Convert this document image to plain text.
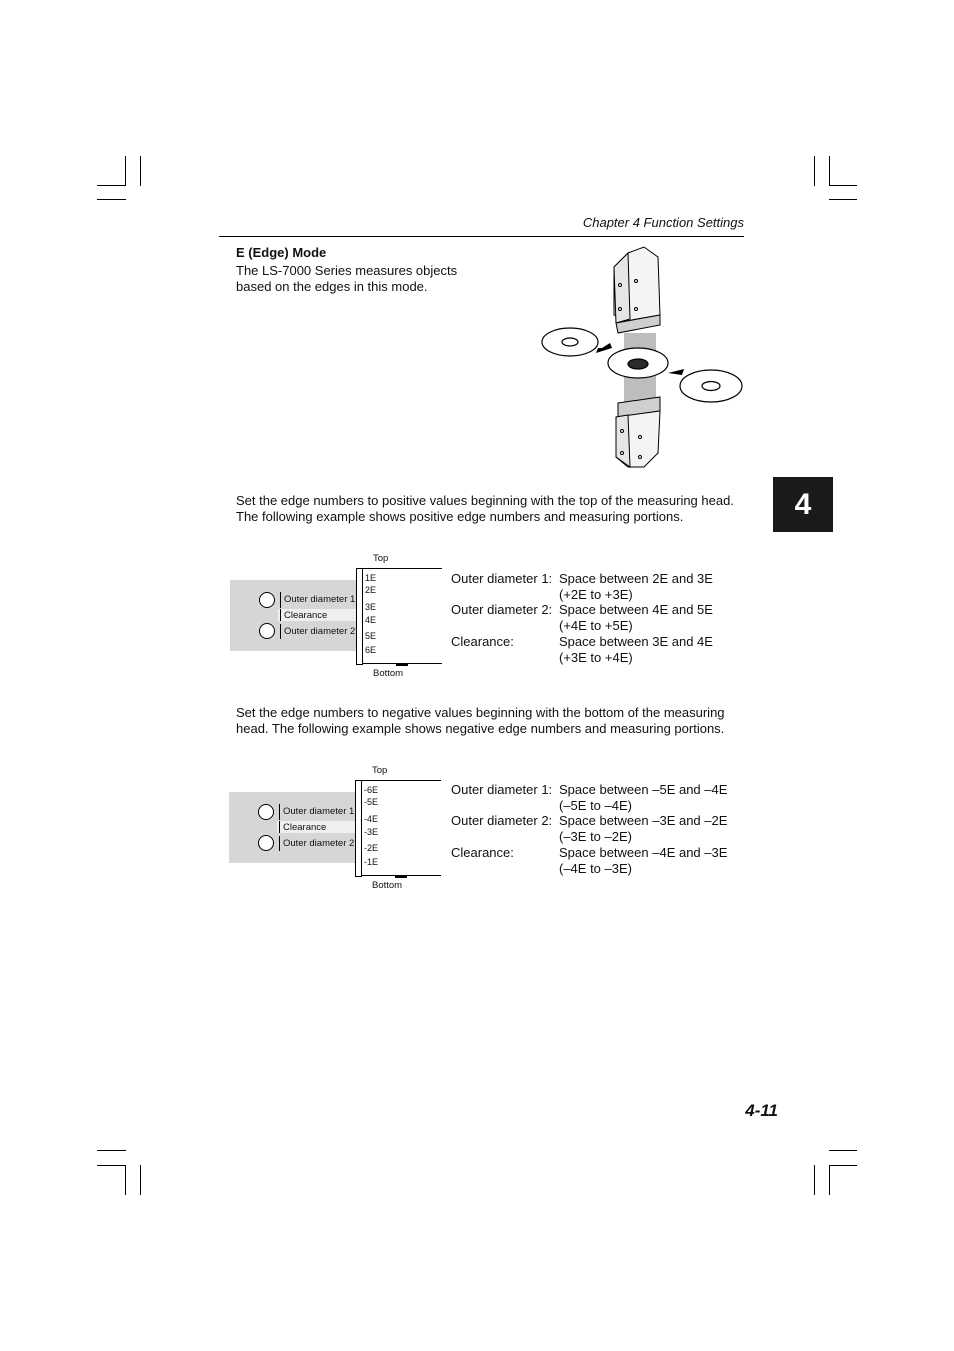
Chapter 4 Function Settings
E (Edge) Mode
The LS-7000 Series measures objects based on the edges in this mode.
4
Set the edge numbers to positive values beginning with the top of the measuring head. The following example shows positive edge numbers and measuring portions.
Outer diameter 1
Clearance
Outer diameter 2
1E
2E
3E
4E
5E
6E
Top
Bottom
Outer diameter 1: Space between 2E and 3E
(+2E to +3E)
Outer diameter 2: Space between 4E and 5E
(+4E to +5E)
Clearance:	Space between 3E and 4E
(+3E to +4E)
Set the edge numbers to negative values beginning with the bottom of the measuring head. The following example shows negative edge numbers and measuring portions.
Outer diameter 1
Clearance
Outer diameter 2
-6E
-5E
-4E
-3E
-2E
-1E
Top
Bottom
Outer diameter 1: Space between –5E and –4E
(–5E to –4E)
Outer diameter 2: Space between –3E and –2E
(–3E to –2E)
Clearance:	Space between –4E and –3E
(–4E to –3E)
4-11
